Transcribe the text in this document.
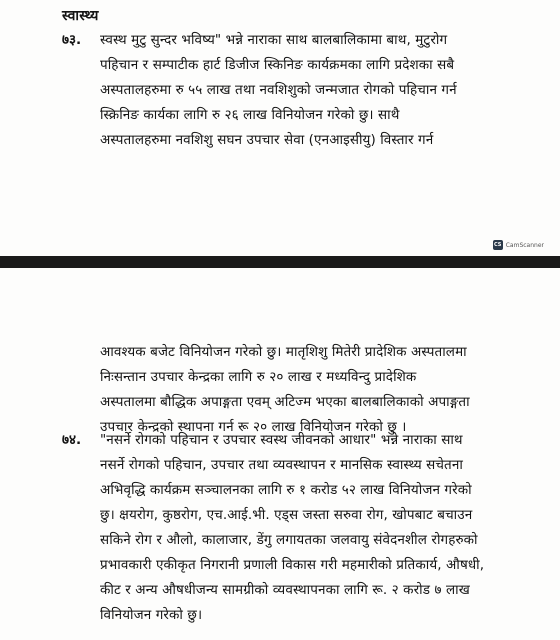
स्वास्थ्य
७३. स्वस्थ मुटु सुन्दर भविष्य" भन्ने नाराका साथ बालबालिकामा बाथ, मुटुरोग
पहिचान र सम्पाटीक हार्ट डिजीज स्किनिङ कार्यक्रमका लागि प्रदेशका सबै
अस्पतालहरुमा रु ५५ लाख तथा नवशिशुको जन्मजात रोगको पहिचान गर्न
स्क्रिनिङ कार्यका लागि रु २६ लाख विनियोजन गरेको छु। साथै
अस्पतालहरुमा नवशिशु सघन उपचार सेवा (एनआइसीयु) विस्तार गर्न
CS CamScanner
आवश्यक बजेट विनियोजन गरेको छु। मातृशिशु मितेरी प्रादेशिक अस्पतालमा
निःसन्तान उपचार केन्द्रका लागि रु २० लाख र मध्यविन्दु प्रादेशिक
अस्पतालमा बौद्धिक अपाङ्गता एवम् अटिज्म भएका बालबालिकाको अपाङ्गता
उपचार केन्द्रको स्थापना गर्न रू २० लाख विनियोजन गरेको छु ।
७४. "नसर्ने रोगको पहिचान र उपचार स्वस्थ जीवनको आधार" भन्ने नाराका साथ
नसर्ने रोगको पहिचान, उपचार तथा व्यवस्थापन र मानसिक स्वास्थ्य सचेतना
अभिवृद्धि कार्यक्रम सञ्चालनका लागि रु १ करोड ५२ लाख विनियोजन गरेको
छु। क्षयरोग, कुष्ठरोग, एच.आई.भी. एड्स जस्ता सरुवा रोग, खोपबाट बचाउन
सकिने रोग र औलो, कालाजार, डेंगु लगायतका जलवायु संवेदनशील रोगहरुको
प्रभावकारी एकीकृत निगरानी प्रणाली विकास गरी महमारीको प्रतिकार्य, औषधी,
कीट र अन्य औषधीजन्य सामग्रीको व्यवस्थापनका लागि रू. २ करोड ७ लाख
विनियोजन गरेको छु।
